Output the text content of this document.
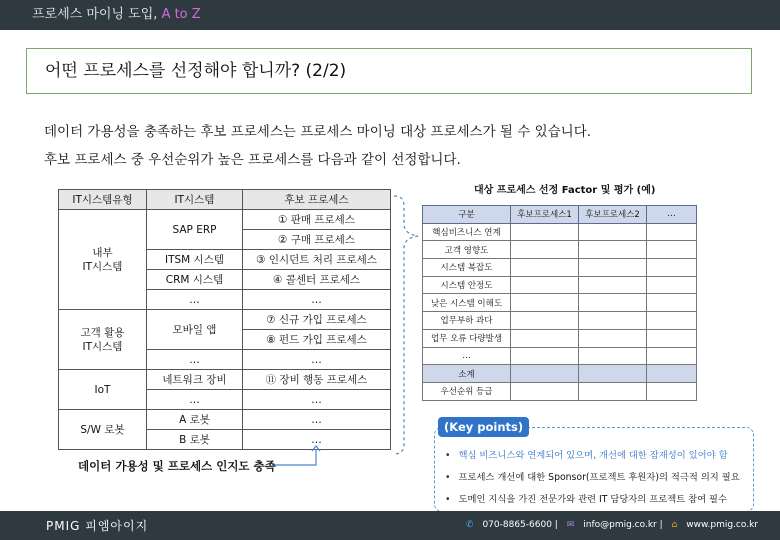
프로세스 마이닝 도입, A to Z
어떤 프로세스를 선정해야 합니까? (2/2)
데이터 가용성을 충족하는 후보 프로세스는 프로세스 마이닝 대상 프로세스가 될 수 있습니다.
후보 프로세스 중 우선순위가 높은 프로세스를 다음과 같이 선정합니다.
IT시스템유형	IT시스템	후보 프로세스

내부
IT시스템	SAP ERP	① 판매 프로세스
		② 구매 프로세스
	ITSM 시스템	③ 인시던트 처리 프로세스
	CRM 시스템	④ 콜센터 프로세스
	…	…

고객 활용
IT시스템	모바일 앱	⑦ 신규 가입 프로세스
		⑧ 펀드 가입 프로세스
	…	…
IoT	네트워크 장비	⑪ 장비 행동 프로세스
	…	…
S/W 로봇	A 로봇	…
	B 로봇	…
데이터 가용성 및 프로세스 인지도 충족
대상 프로세스 선정 Factor 및 평가 (예)
구분	후보프로세스1	후보프로세스2	…
핵심비즈니스 연계			
고객 영향도			
시스템 복잡도			
시스템 안정도			
낮은 시스템 이해도			
업무부하 과다			
업무 오류 다량발생			
…			
소계			
우선순위 등급			
• 핵심 비즈니스와 연계되어 있으며, 개선에 대한 잠재성이 있어야 함
• 프로세스 개선에 대한 Sponsor(프로젝트 후원자)의 적극적 의지 필요
• 도메인 지식을 가진 전문가와 관련 IT 담당자의 프로젝트 참여 필수
(Key points)
PMIG 피엠아이지	✆ 070-8865-6600 | ✉ info@pmig.co.kr | ⌂ www.pmig.co.kr
